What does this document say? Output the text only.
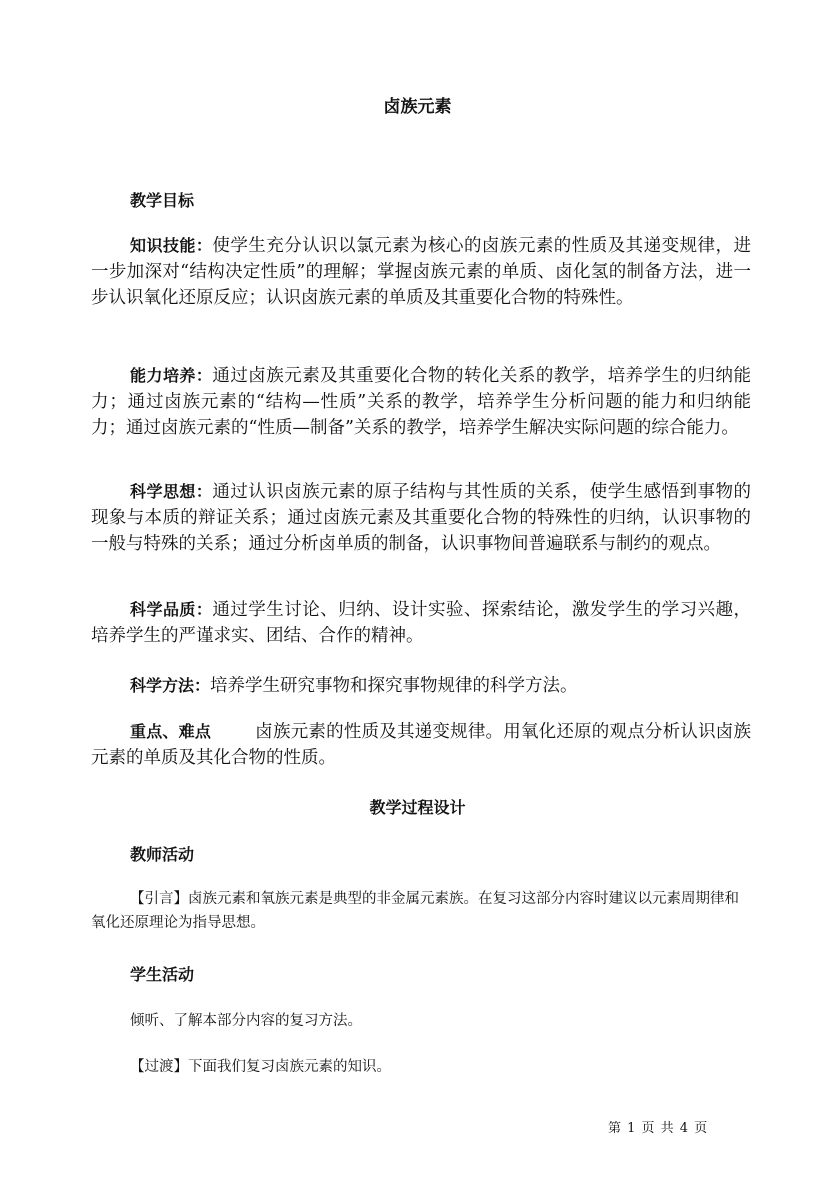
卤族元素
教学目标
知识技能：使学生充分认识以氯元素为核心的卤族元素的性质及其递变规律，进一步加深对“结构决定性质”的理解；掌握卤族元素的单质、卤化氢的制备方法，进一步认识氧化还原反应；认识卤族元素的单质及其重要化合物的特殊性。
能力培养：通过卤族元素及其重要化合物的转化关系的教学，培养学生的归纳能力；通过卤族元素的“结构—性质”关系的教学，培养学生分析问题的能力和归纳能力；通过卤族元素的“性质—制备”关系的教学，培养学生解决实际问题的综合能力。
科学思想：通过认识卤族元素的原子结构与其性质的关系，使学生感悟到事物的现象与本质的辩证关系；通过卤族元素及其重要化合物的特殊性的归纳，认识事物的一般与特殊的关系；通过分析卤单质的制备，认识事物间普遍联系与制约的观点。
科学品质：通过学生讨论、归纳、设计实验、探索结论，激发学生的学习兴趣，培养学生的严谨求实、团结、合作的精神。
科学方法：培养学生研究事物和探究事物规律的科学方法。
重点、难点	卤族元素的性质及其递变规律。用氧化还原的观点分析认识卤族元素的单质及其化合物的性质。
教学过程设计
教师活动
【引言】卤族元素和氧族元素是典型的非金属元素族。在复习这部分内容时建议以元素周期律和氧化还原理论为指导思想。
学生活动
倾听、了解本部分内容的复习方法。
【过渡】下面我们复习卤族元素的知识。
第 1 页 共 4 页
